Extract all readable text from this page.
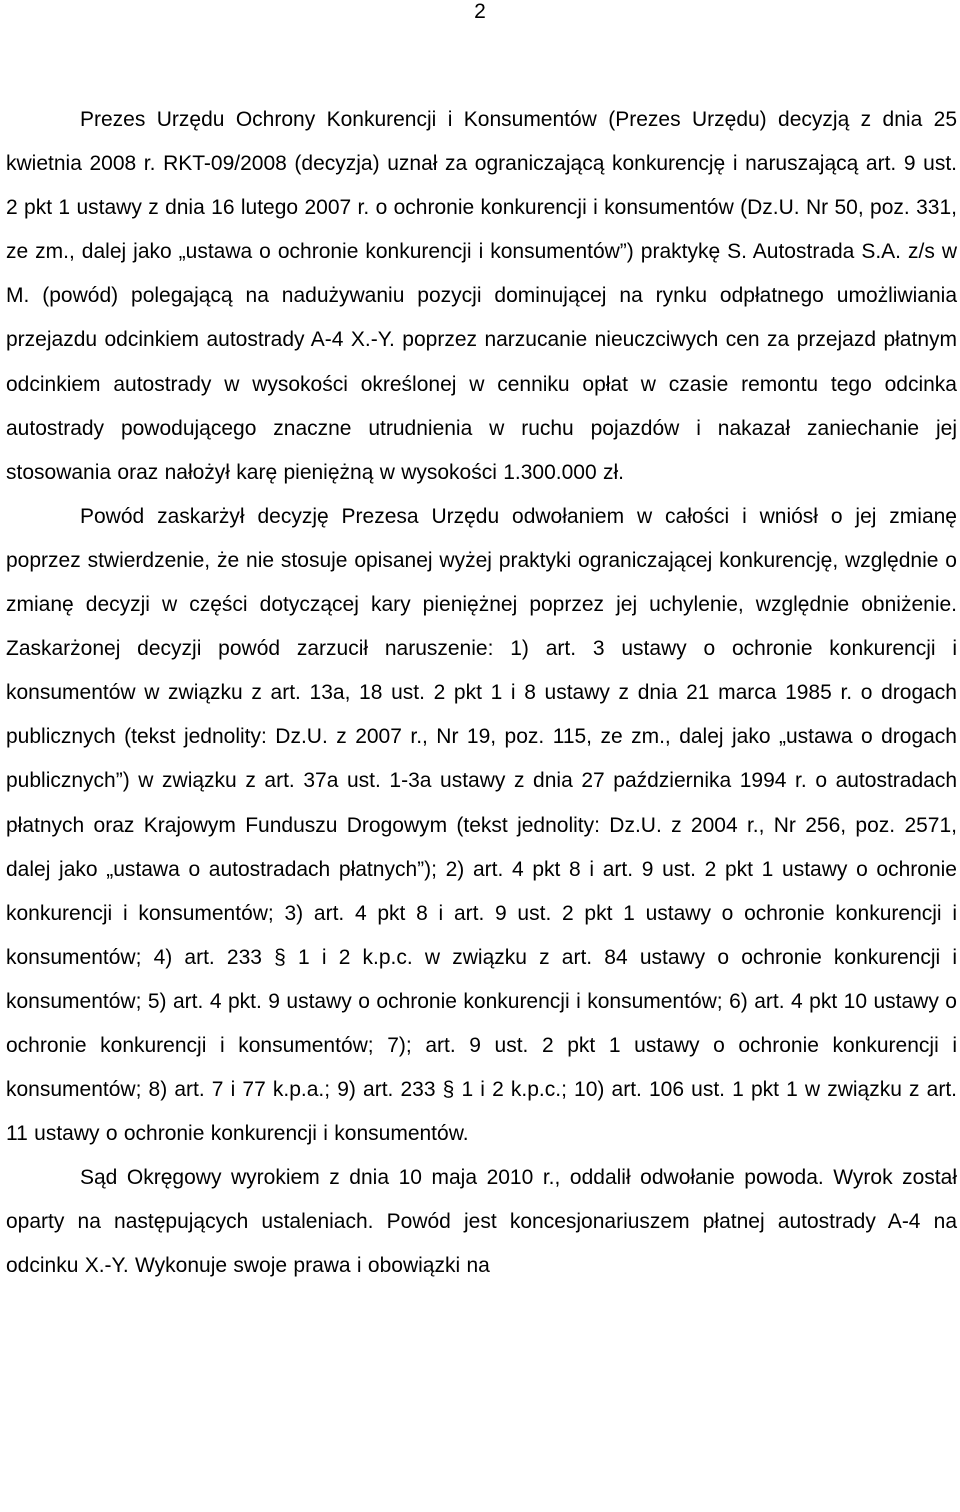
2

Prezes Urzędu Ochrony Konkurencji i Konsumentów (Prezes Urzędu) decyzją z dnia 25 kwietnia 2008 r. RKT-09/2008 (decyzja) uznał za ograniczającą konkurencję i naruszającą art. 9 ust. 2 pkt 1 ustawy z dnia 16 lutego 2007 r. o ochronie konkurencji i konsumentów (Dz.U. Nr 50, poz. 331, ze zm., dalej jako „ustawa o ochronie konkurencji i konsumentów”) praktykę S. Autostrada S.A. z/s w M. (powód) polegającą na nadużywaniu pozycji dominującej na rynku odpłatnego umożliwiania przejazdu odcinkiem autostrady A-4 X.-Y. poprzez narzucanie nieuczciwych cen za przejazd płatnym odcinkiem autostrady w wysokości określonej w cenniku opłat w czasie remontu tego odcinka autostrady powodującego znaczne utrudnienia w ruchu pojazdów i nakazał zaniechanie jej stosowania oraz nałożył karę pieniężną w wysokości 1.300.000 zł.

Powód zaskarżył decyzję Prezesa Urzędu odwołaniem w całości i wniósł o jej zmianę poprzez stwierdzenie, że nie stosuje opisanej wyżej praktyki ograniczającej konkurencję, względnie o zmianę decyzji w części dotyczącej kary pieniężnej poprzez jej uchylenie, względnie obniżenie. Zaskarżonej decyzji powód zarzucił naruszenie: 1) art. 3 ustawy o ochronie konkurencji i konsumentów w związku z art. 13a, 18 ust. 2 pkt 1 i 8 ustawy z dnia 21 marca 1985 r. o drogach publicznych (tekst jednolity: Dz.U. z 2007 r., Nr 19, poz. 115, ze zm., dalej jako „ustawa o drogach publicznych”) w związku z art. 37a ust. 1-3a ustawy z dnia 27 października 1994 r. o autostradach płatnych oraz Krajowym Funduszu Drogowym (tekst jednolity: Dz.U. z 2004 r., Nr 256, poz. 2571, dalej jako „ustawa o autostradach płatnych”); 2) art. 4 pkt 8 i art. 9 ust. 2 pkt 1 ustawy o ochronie konkurencji i konsumentów; 3) art. 4 pkt 8 i art. 9 ust. 2 pkt 1 ustawy o ochronie konkurencji i konsumentów; 4) art. 233 § 1 i 2 k.p.c. w związku z art. 84 ustawy o ochronie konkurencji i konsumentów; 5) art. 4 pkt. 9 ustawy o ochronie konkurencji i konsumentów; 6) art. 4 pkt 10 ustawy o ochronie konkurencji i konsumentów; 7); art. 9 ust. 2 pkt 1 ustawy o ochronie konkurencji i konsumentów; 8) art. 7 i 77 k.p.a.; 9) art. 233 § 1 i 2 k.p.c.; 10) art. 106 ust. 1 pkt 1 w związku z art. 11 ustawy o ochronie konkurencji i konsumentów.

Sąd Okręgowy wyrokiem z dnia 10 maja 2010 r., oddalił odwołanie powoda. Wyrok został oparty na następujących ustaleniach. Powód jest koncesjonariuszem płatnej autostrady A-4 na odcinku X.-Y. Wykonuje swoje prawa i obowiązki na
